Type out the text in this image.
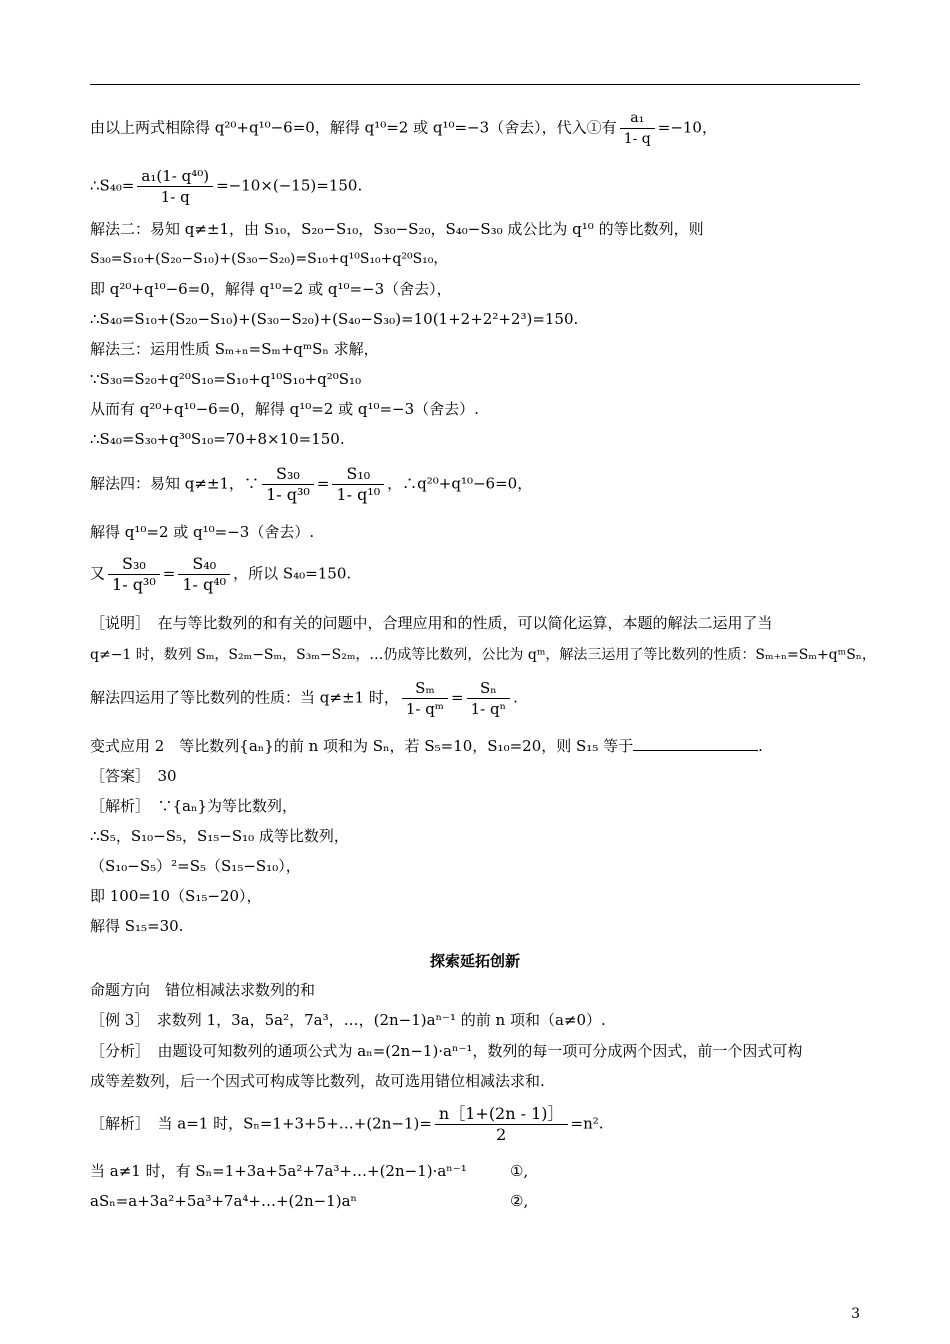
由以上两式相除得 q²⁰+q¹⁰−6=0，解得 q¹⁰=2 或 q¹⁰=−3（舍去），代入①有 $\frac{\text{a₁}}{1- q} =-10$，
∴S₄₀= $\frac{\text{a₁(1- q⁴⁰)}}{1- q} =-10\times(-15)=150$.
解法二：易知 q≠±1，由 S₁₀，S₂₀−S₁₀，S₃₀−S₂₀，S₄₀−S₃₀ 成公比为 q¹⁰ 的等比数列，则
S₃₀=S₁₀+(S₂₀−S₁₀)+(S₃₀−S₂₀)=S₁₀+q¹⁰S₁₀+q²⁰S₁₀，
即 q²⁰+q¹⁰−6=0，解得 q¹⁰=2 或 q¹⁰=−3（舍去），
∴S₄₀=S₁₀+(S₂₀−S₁₀)+(S₃₀−S₂₀)+(S₄₀−S₃₀)=10(1+2+2²+2³)=150.
解法三：运用性质 Sₘ₊ₙ=Sₘ+qᵐSₙ 求解，
∵S₃₀=S₂₀+q²⁰S₁₀=S₁₀+q¹⁰S₁₀+q²⁰S₁₀
从而有 q²⁰+q¹⁰−6=0，解得 q¹⁰=2 或 q¹⁰=−3（舍去）.
∴S₄₀=S₃₀+q³⁰S₁₀=70+8×10=150.
解法四：易知 q≠±1，∵ $\frac{\text{S₃₀}}{\text{1- q³⁰}} = \frac{\text{S₁₀}}{\text{1- q¹⁰}}$ ，∴q²⁰+q¹⁰−6=0，
解得 q¹⁰=2 或 q¹⁰=−3（舍去）.
又 $\frac{\text{S₃₀}}{\text{1- q³⁰}} = \frac{\text{S₄₀}}{\text{1- q⁴⁰}}$ ，所以 S₄₀=150.
［说明］　在与等比数列的和有关的问题中，合理应用和的性质，可以简化运算，本题的解法二运用了当
q≠−1 时，数列 Sₘ，S₂ₘ−Sₘ，S₃ₘ−S₂ₘ，…仍成等比数列，公比为 qᵐ，解法三运用了等比数列的性质：Sₘ₊ₙ=Sₘ+qᵐSₙ，
解法四运用了等比数列的性质：当 q≠±1 时， $\frac{\text{Sₘ}}{\text{1- qᵐ}} = \frac{\text{Sₙ}}{\text{1- qⁿ}}$ .
变式应用 2　等比数列{aₙ}的前 n 项和为 Sₙ，若 S₅=10，S₁₀=20，则 S₁₅ 等于	.
［答案］　30
［解析］　∵{aₙ}为等比数列，
∴S₅，S₁₀−S₅，S₁₅−S₁₀ 成等比数列，
（S₁₀−S₅）²=S₅（S₁₅−S₁₀），
即 100=10（S₁₅−20），
解得 S₁₅=30.
探索延拓创新
命题方向　错位相减法求数列的和
［例 3］　求数列 1，3a，5a²，7a³，…，(2n−1)aⁿ⁻¹ 的前 n 项和（a≠0）.
［分析］　由题设可知数列的通项公式为 aₙ=(2n−1)·aⁿ⁻¹，数列的每一项可分成两个因式，前一个因式可构
成等差数列，后一个因式可构成等比数列，故可选用错位相减法求和.
［解析］　当 a=1 时，Sₙ=1+3+5+…+(2n−1)= $\frac{n[1+(2n - 1)]}{2} =n^2$.
当 a≠1 时，有 Sₙ=1+3a+5a²+7a³+…+(2n−1)·aⁿ⁻¹	①,
aSₙ=a+3a²+5a³+7a⁴+…+(2n−1)aⁿ	②,
3
